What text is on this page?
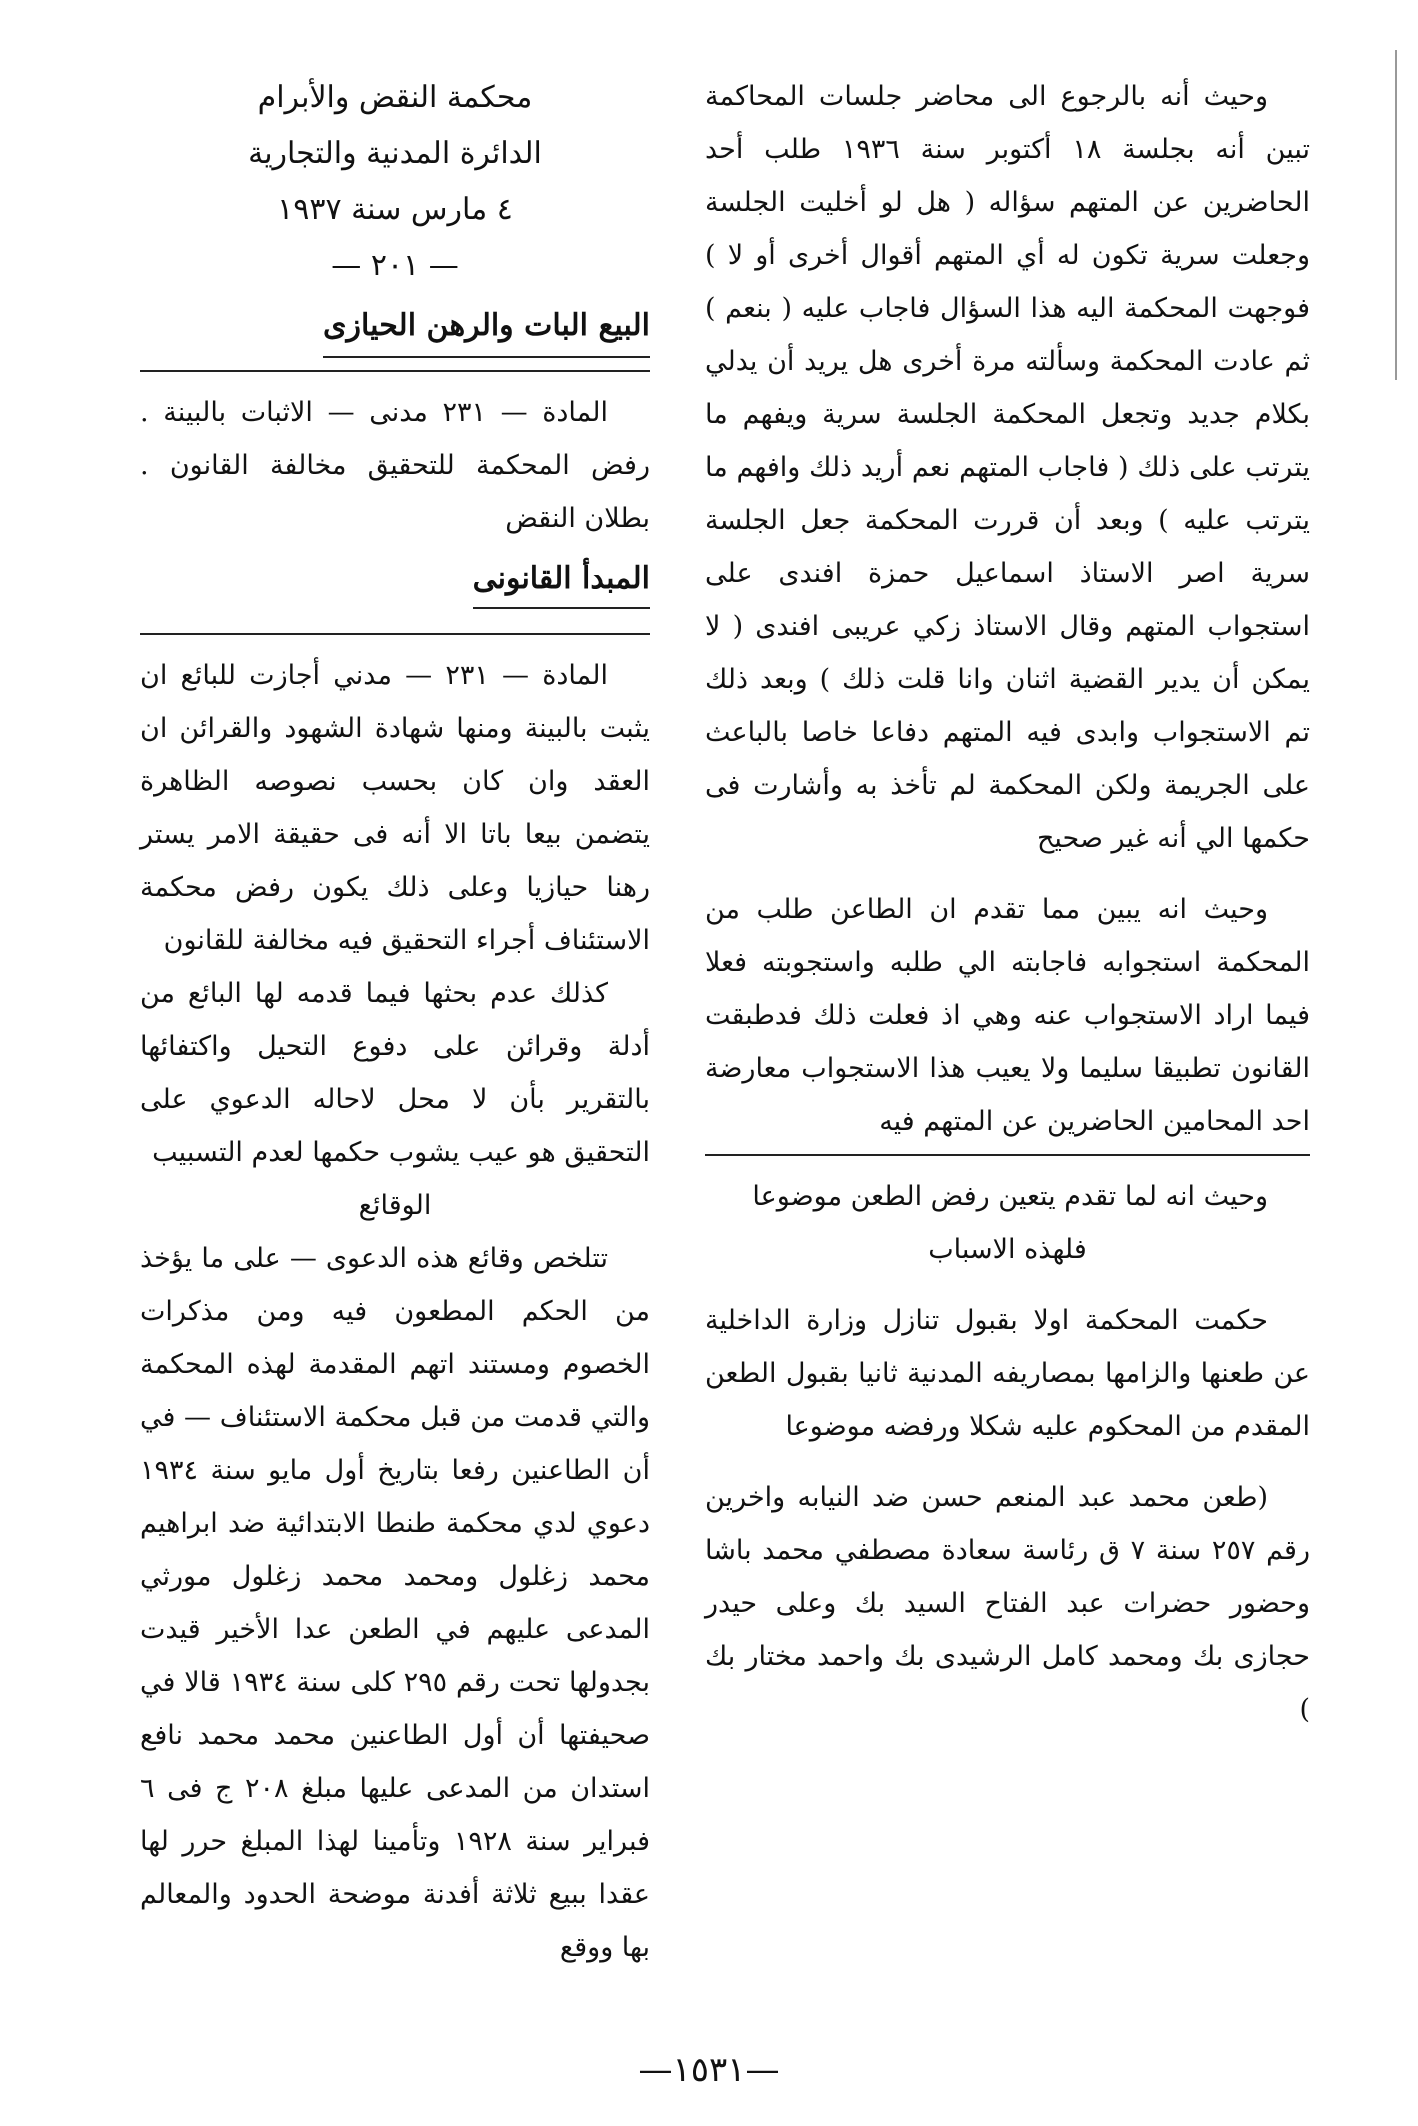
وحيث أنه بالرجوع الى محاضر جلسات المحاكمة تبين أنه بجلسة ١٨ أكتوبر سنة ١٩٣٦ طلب أحد الحاضرين عن المتهم سؤاله ( هل لو أخليت الجلسة وجعلت سرية تكون له أي المتهم أقوال أخرى أو لا ) فوجهت المحكمة اليه هذا السؤال فاجاب عليه ( بنعم ) ثم عادت المحكمة وسألته مرة أخرى هل يريد أن يدلي بكلام جديد وتجعل المحكمة الجلسة سرية ويفهم ما يترتب على ذلك ( فاجاب المتهم نعم أريد ذلك وافهم ما يترتب عليه ) وبعد أن قررت المحكمة جعل الجلسة سرية اصر الاستاذ اسماعيل حمزة افندى على استجواب المتهم وقال الاستاذ زكي عريبى افندى ( لا يمكن أن يدير القضية اثنان وانا قلت ذلك ) وبعد ذلك تم الاستجواب وابدى فيه المتهم دفاعا خاصا بالباعث على الجريمة ولكن المحكمة لم تأخذ به وأشارت فى حكمها الي أنه غير صحيح

وحيث انه يبين مما تقدم ان الطاعن طلب من المحكمة استجوابه فاجابته الي طلبه واستجوبته فعلا فيما اراد الاستجواب عنه وهي اذ فعلت ذلك فدطبقت القانون تطبيقا سليما ولا يعيب هذا الاستجواب معارضة احد المحامين الحاضرين عن المتهم فيه

وحيث انه لما تقدم يتعين رفض الطعن موضوعا

فلهذه الاسباب

حكمت المحكمة اولا بقبول تنازل وزارة الداخلية عن طعنها والزامها بمصاريفه المدنية ثانيا بقبول الطعن المقدم من المحكوم عليه شكلا ورفضه موضوعا

(طعن محمد عبد المنعم حسن ضد النيابه واخرين رقم ٢٥٧ سنة ٧ ق رئاسة سعادة مصطفي محمد باشا وحضور حضرات عبد الفتاح السيد بك وعلى حيدر حجازى بك ومحمد كامل الرشيدى بك واحمد مختار بك )

محكمة النقض والأبرام

الدائرة المدنية والتجارية

٤ مارس سنة ١٩٣٧

— ٢٠١ —

البيع البات والرهن الحيازى

المادة — ٢٣١ مدنى — الاثبات بالبينة . رفض المحكمة للتحقيق مخالفة القانون . بطلان النقض

المبدأ القانونى

المادة — ٢٣١ — مدني أجازت للبائع ان يثبت بالبينة ومنها شهادة الشهود والقرائن ان العقد وان كان بحسب نصوصه الظاهرة يتضمن بيعا باتا الا أنه فى حقيقة الامر يستر رهنا حيازيا وعلى ذلك يكون رفض محكمة الاستئناف أجراء التحقيق فيه مخالفة للقانون

كذلك عدم بحثها فيما قدمه لها البائع من أدلة وقرائن على دفوع التحيل واكتفائها بالتقرير بأن لا محل لاحاله الدعوي على التحقيق هو عيب يشوب حكمها لعدم التسبيب

الوقائع

تتلخص وقائع هذه الدعوى — على ما يؤخذ من الحكم المطعون فيه ومن مذكرات الخصوم ومستند اتهم المقدمة لهذه المحكمة والتي قدمت من قبل محكمة الاستئناف — في أن الطاعنين رفعا بتاريخ أول مايو سنة ١٩٣٤ دعوي لدي محكمة طنطا الابتدائية ضد ابراهيم محمد زغلول ومحمد محمد زغلول مورثي المدعى عليهم في الطعن عدا الأخير قيدت بجدولها تحت رقم ٢٩٥ كلى سنة ١٩٣٤ قالا في صحيفتها أن أول الطاعنين محمد محمد نافع استدان من المدعى عليها مبلغ ٢٠٨ ج فى ٦ فبراير سنة ١٩٢٨ وتأمينا لهذا المبلغ حرر لها عقدا ببيع ثلاثة أفدنة موضحة الحدود والمعالم بها ووقع

—١٥٣١—
